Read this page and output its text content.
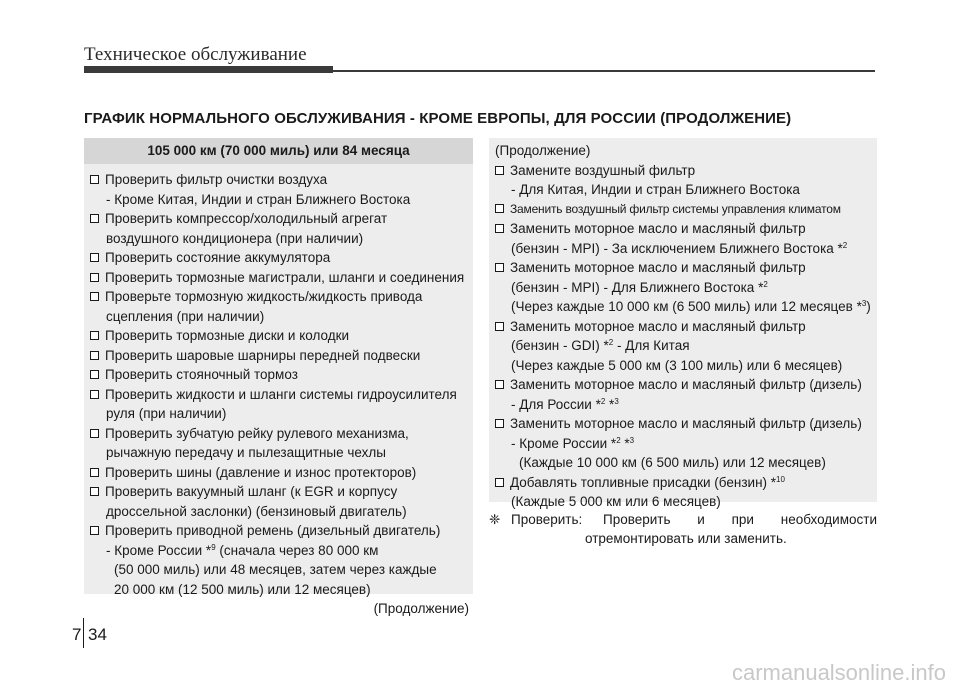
Техническое обслуживание
ГРАФИК НОРМАЛЬНОГО ОБСЛУЖИВАНИЯ - КРОМЕ ЕВРОПЫ, ДЛЯ РОССИИ (ПРОДОЛЖЕНИЕ)
105 000 км (70 000 миль) или 84 месяца
Проверить фильтр очистки воздуха
- Кроме Китая, Индии и стран Ближнего Востока
Проверить компрессор/холодильный агрегат
воздушного кондиционера (при наличии)
Проверить состояние аккумулятора
Проверить тормозные магистрали, шланги и соединения
Проверьте тормозную жидкость/жидкость привода
сцепления (при наличии)
Проверить тормозные диски и колодки
Проверить шаровые шарниры передней подвески
Проверить стояночный тормоз
Проверить жидкости и шланги системы гидроусилителя
руля (при наличии)
Проверить зубчатую рейку рулевого механизма,
рычажную передачу и пылезащитные чехлы
Проверить шины (давление и износ протекторов)
Проверить вакуумный шланг (к EGR и корпусу
дроссельной заслонки) (бензиновый двигатель)
Проверить приводной ремень (дизельный двигатель)
- Кроме России *$^9$ (сначала через 80 000 км
(50 000 миль) или 48 месяцев, затем через каждые
20 000 км (12 500 миль) или 12 месяцев)
(Продолжение)
(Продолжение)
Замените воздушный фильтр
- Для Китая, Индии и стран Ближнего Востока
Заменить воздушный фильтр системы управления климатом
Заменить моторное масло и масляный фильтр
(бензин - MPI) - За исключением Ближнего Востока *$^2$
Заменить моторное масло и масляный фильтр
(бензин - MPI) - Для Ближнего Востока *$^2$
(Через каждые 10 000 км (6 500 миль) или 12 месяцев *$^3$)
Заменить моторное масло и масляный фильтр
(бензин - GDI) *$^2$ - Для Китая
(Через каждые 5 000 км (3 100 миль) или 6 месяцев)
Заменить моторное масло и масляный фильтр (дизель)
- Для России *$^2$ *$^3$
Заменить моторное масло и масляный фильтр (дизель)
- Кроме России *$^2$ *$^3$
(Каждые 10 000 км (6 500 миль) или 12 месяцев)
Добавлять топливные присадки (бензин) *$^{10}$
(Каждые 5 000 км или 6 месяцев)
❈ Проверить:	Проверить и при необходимости
отремонтировать или заменить.
7 34
carmanualsonline.info
